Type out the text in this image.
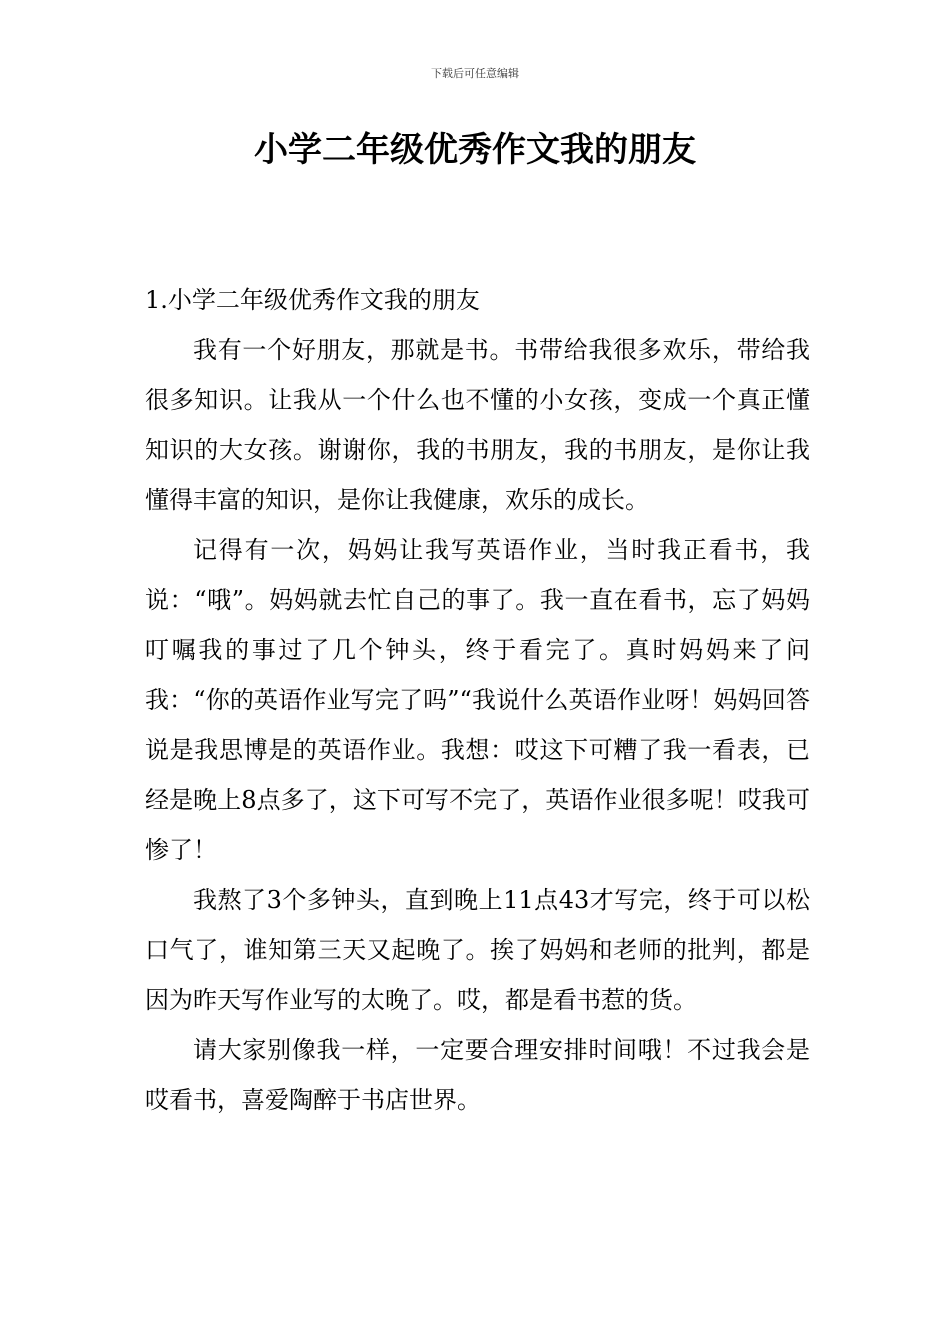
下载后可任意编辑
小学二年级优秀作文我的朋友

1.小学二年级优秀作文我的朋友

我有一个好朋友，那就是书。书带给我很多欢乐，带给我很多知识。让我从一个什么也不懂的小女孩，变成一个真正懂知识的大女孩。谢谢你，我的书朋友，我的书朋友，是你让我懂得丰富的知识，是你让我健康，欢乐的成长。

记得有一次，妈妈让我写英语作业，当时我正看书，我说：“哦”。妈妈就去忙自己的事了。我一直在看书，忘了妈妈叮嘱我的事过了几个钟头，终于看完了。真时妈妈来了问我：“你的英语作业写完了吗”“我说什么英语作业呀！妈妈回答说是我思博是的英语作业。我想：哎这下可糟了我一看表，已经是晚上8点多了，这下可写不完了，英语作业很多呢！哎我可惨了！

我熬了3个多钟头，直到晚上11点43才写完，终于可以松口气了，谁知第三天又起晚了。挨了妈妈和老师的批判，都是因为昨天写作业写的太晚了。哎，都是看书惹的货。

请大家别像我一样，一定要合理安排时间哦！不过我会是哎看书，喜爱陶醉于书店世界。
